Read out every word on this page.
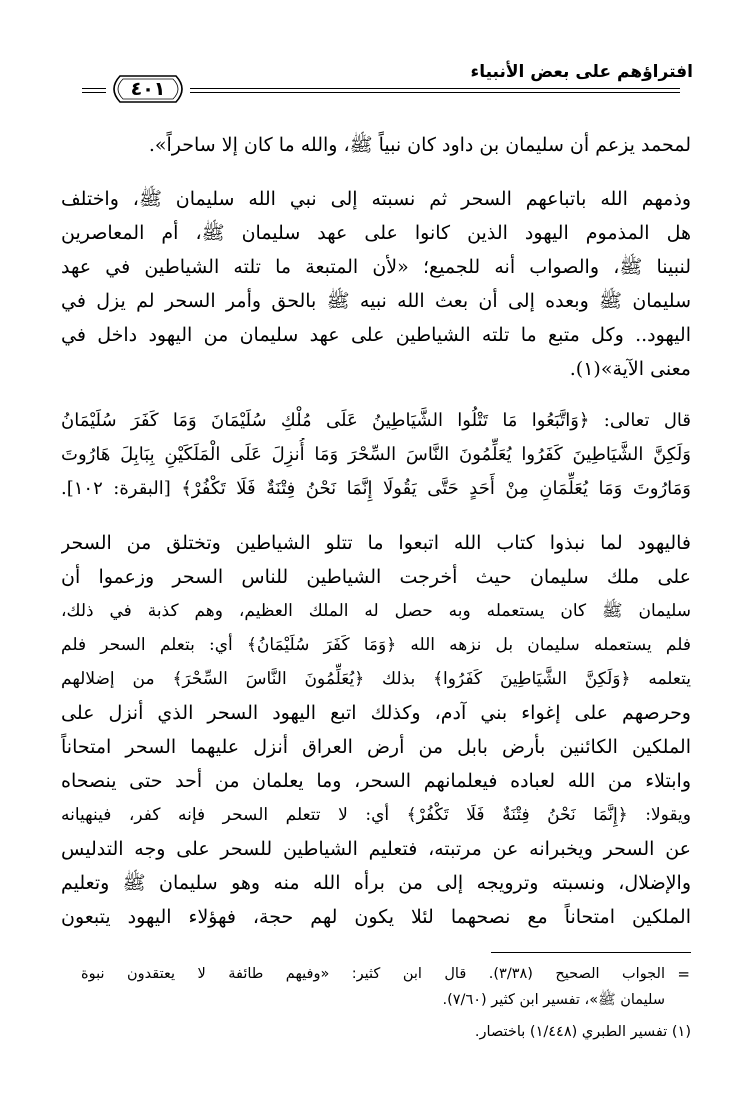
افتراؤهم على بعض الأنبياء
٤٠١
لمحمد يزعم أن سليمان بن داود كان نبياً ﷺ، والله ما كان إلا ساحراً».
وذمهم الله باتباعهم السحر ثم نسبته إلى نبي الله سليمان ﷺ، واختلف
هل المذموم اليهود الذين كانوا على عهد سليمان ﷺ، أم المعاصرين
لنبينا ﷺ، والصواب أنه للجميع؛ «لأن المتبعة ما تلته الشياطين في عهد
سليمان ﷺ وبعده إلى أن بعث الله نبيه ﷺ بالحق وأمر السحر لم يزل في
اليهود.. وكل متبع ما تلته الشياطين على عهد سليمان من اليهود داخل في
معنى الآية»(١).
قال تعالى: ﴿وَاتَّبَعُوا مَا تَتْلُوا الشَّيَاطِينُ عَلَى مُلْكِ سُلَيْمَانَ وَمَا كَفَرَ سُلَيْمَانُ
وَلَكِنَّ الشَّيَاطِينَ كَفَرُوا يُعَلِّمُونَ النَّاسَ السِّحْرَ وَمَا أُنزِلَ عَلَى الْمَلَكَيْنِ بِبَابِلَ هَارُوتَ
وَمَارُوتَ وَمَا يُعَلِّمَانِ مِنْ أَحَدٍ حَتَّى يَقُولَا إِنَّمَا نَحْنُ فِتْنَةٌ فَلَا تَكْفُرْ﴾ [البقرة: ١٠٢].
فاليهود لما نبذوا كتاب الله اتبعوا ما تتلو الشياطين وتختلق من السحر
على ملك سليمان حيث أخرجت الشياطين للناس السحر وزعموا أن
سليمان ﷺ كان يستعمله وبه حصل له الملك العظيم، وهم كذبة في ذلك،
فلم يستعمله سليمان بل نزهه الله ﴿وَمَا كَفَرَ سُلَيْمَانُ﴾ أي: بتعلم السحر فلم
يتعلمه ﴿وَلَكِنَّ الشَّيَاطِينَ كَفَرُوا﴾ بذلك ﴿يُعَلِّمُونَ النَّاسَ السِّحْرَ﴾ من إضلالهم
وحرصهم على إغواء بني آدم، وكذلك اتبع اليهود السحر الذي أنزل على
الملكين الكائنين بأرض بابل من أرض العراق أنزل عليهما السحر امتحاناً
وابتلاء من الله لعباده فيعلمانهم السحر، وما يعلمان من أحد حتى ينصحاه
ويقولا: ﴿إِنَّمَا نَحْنُ فِتْنَةٌ فَلَا تَكْفُرْ﴾ أي: لا تتعلم السحر فإنه كفر، فينهيانه
عن السحر ويخبرانه عن مرتبته، فتعليم الشياطين للسحر على وجه التدليس
والإضلال، ونسبته وترويجه إلى من برأه الله منه وهو سليمان ﷺ وتعليم
الملكين امتحاناً مع نصحهما لئلا يكون لهم حجة، فهؤلاء اليهود يتبعون
=
الجواب الصحيح (٣/٣٨). قال ابن كثير: «وفيهم طائفة لا يعتقدون نبوة
سليمان ﷺ»، تفسير ابن كثير (٧/٦٠).
(١) تفسير الطبري (١/٤٤٨) باختصار.
